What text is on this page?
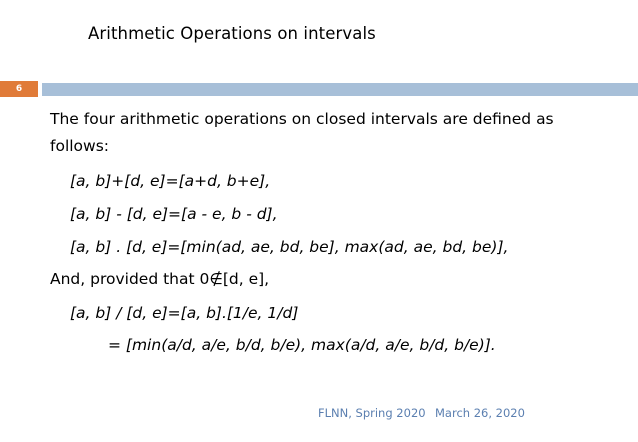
Arithmetic Operations on intervals
6
The four arithmetic operations on closed intervals are defined as
follows:
[a, b]+[d, e]=[a+d, b+e],
[a, b] - [d, e]=[a - e, b - d],
[a, b] . [d, e]=[min(ad, ae, bd, be], max(ad, ae, bd, be)],
And, provided that 0∉[d, e],
[a, b] / [d, e]=[a, b].[1/e, 1/d]
= [min(a/d, a/e, b/d, b/e), max(a/d, a/e, b/d, b/e)].
FLNN, Spring 2020 March 26, 2020
